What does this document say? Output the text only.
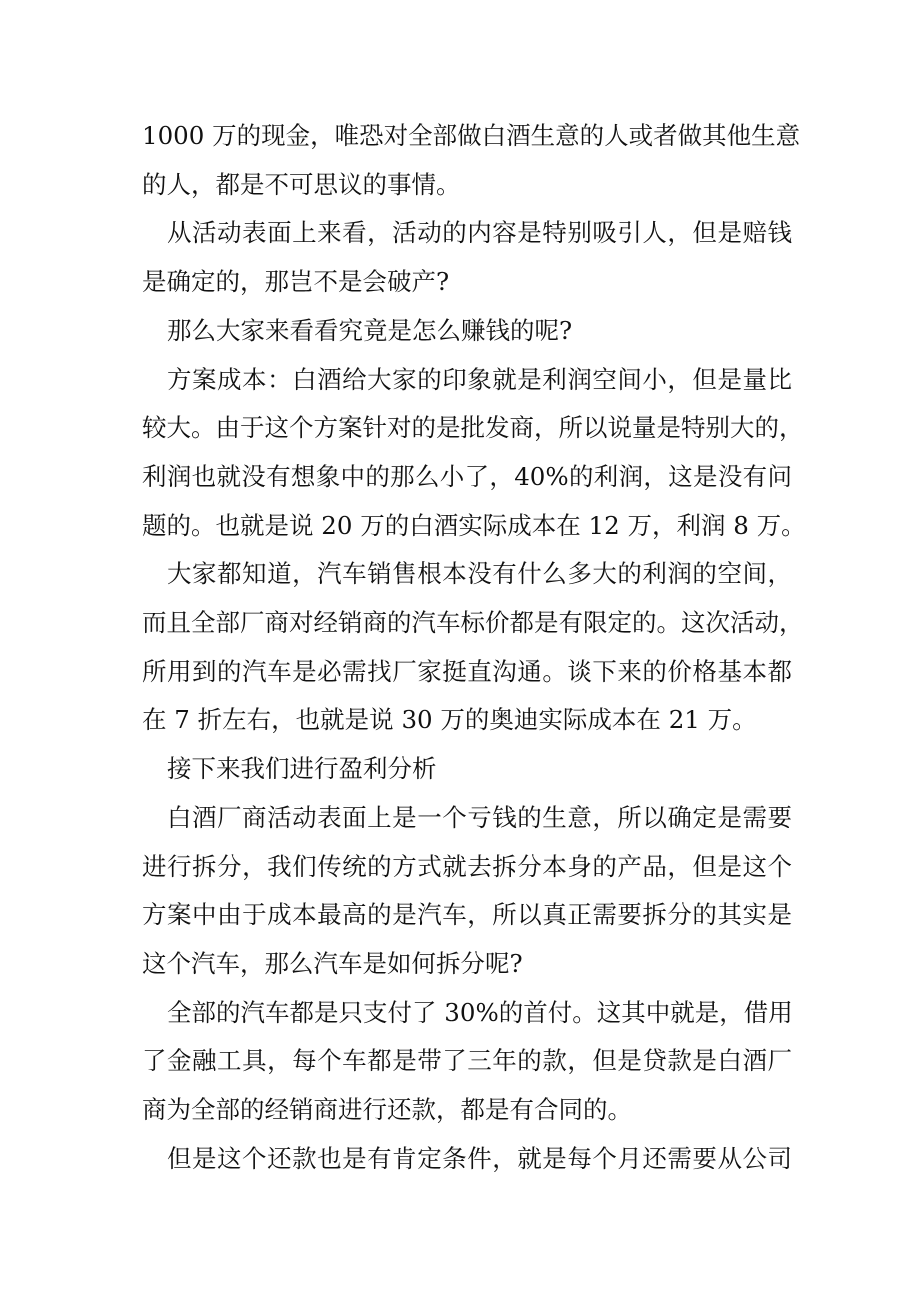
1000 万的现金，唯恐对全部做白酒生意的人或者做其他生意
的人，都是不可思议的事情。
从活动表面上来看，活动的内容是特别吸引人，但是赔钱
是确定的，那岂不是会破产?
那么大家来看看究竟是怎么赚钱的呢?
方案成本：白酒给大家的印象就是利润空间小，但是量比
较大。由于这个方案针对的是批发商，所以说量是特别大的，
利润也就没有想象中的那么小了，40%的利润，这是没有问
题的。也就是说 20 万的白酒实际成本在 12 万，利润 8 万。
大家都知道，汽车销售根本没有什么多大的利润的空间，
而且全部厂商对经销商的汽车标价都是有限定的。这次活动，
所用到的汽车是必需找厂家挺直沟通。谈下来的价格基本都
在 7 折左右，也就是说 30 万的奥迪实际成本在 21 万。
接下来我们进行盈利分析
白酒厂商活动表面上是一个亏钱的生意，所以确定是需要
进行拆分，我们传统的方式就去拆分本身的产品，但是这个
方案中由于成本最高的是汽车，所以真正需要拆分的其实是
这个汽车，那么汽车是如何拆分呢?
全部的汽车都是只支付了 30%的首付。这其中就是，借用
了金融工具，每个车都是带了三年的款，但是贷款是白酒厂
商为全部的经销商进行还款，都是有合同的。
但是这个还款也是有肯定条件，就是每个月还需要从公司
